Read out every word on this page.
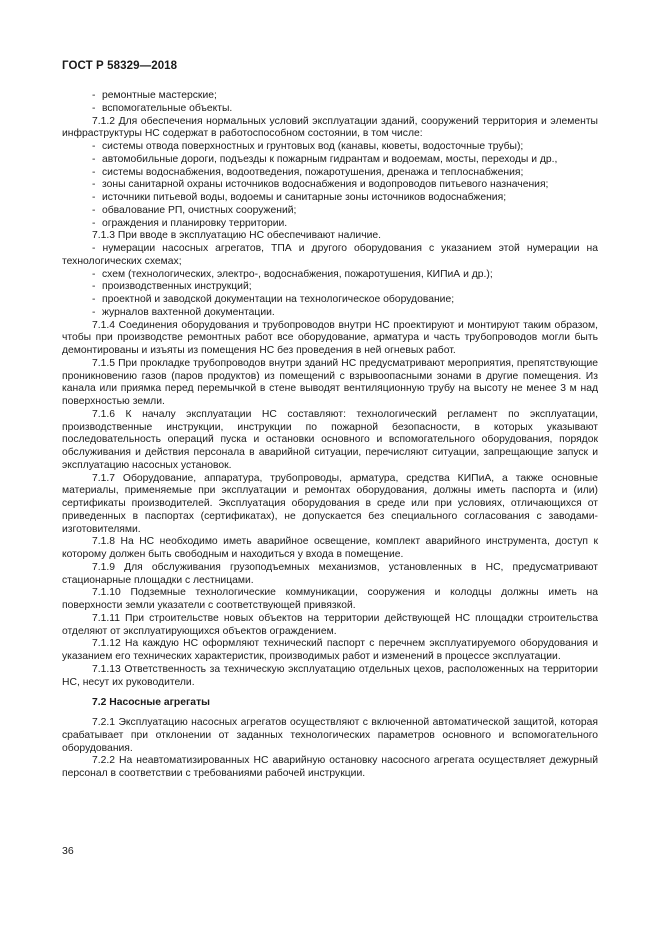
ГОСТ Р 58329—2018

- ремонтные мастерские;

- вспомогательные объекты.

7.1.2 Для обеспечения нормальных условий эксплуатации зданий, сооружений территория и элементы инфраструктуры НС содержат в работоспособном состоянии, в том числе:

- системы отвода поверхностных и грунтовых вод (канавы, кюветы, водосточные трубы);

- автомобильные дороги, подъезды к пожарным гидрантам и водоемам, мосты, переходы и др.,

- системы водоснабжения, водоотведения, пожаротушения, дренажа и теплоснабжения;

- зоны санитарной охраны источников водоснабжения и водопроводов питьевого назначения;

- источники питьевой воды, водоемы и санитарные зоны источников водоснабжения;

- обвалование РП, очистных сооружений;

- ограждения и планировку территории.

7.1.3 При вводе в эксплуатацию НС обеспечивают наличие.

- нумерации насосных агрегатов, ТПА и другого оборудования с указанием этой нумерации на технологических схемах;

- схем (технологических, электро-, водоснабжения, пожаротушения, КИПиА и др.);

- производственных инструкций;

- проектной и заводской документации на технологическое оборудование;

- журналов вахтенной документации.

7.1.4 Соединения оборудования и трубопроводов внутри НС проектируют и монтируют таким образом, чтобы при производстве ремонтных работ все оборудование, арматура и часть трубопроводов могли быть демонтированы и изъяты из помещения НС без проведения в ней огневых работ.

7.1.5 При прокладке трубопроводов внутри зданий НС предусматривают мероприятия, препятствующие проникновению газов (паров продуктов) из помещений с взрывоопасными зонами в другие помещения. Из канала или приямка перед перемычкой в стене выводят вентиляционную трубу на высоту не менее 3 м над поверхностью земли.

7.1.6 К началу эксплуатации НС составляют: технологический регламент по эксплуатации, производственные инструкции, инструкции по пожарной безопасности, в которых указывают последовательность операций пуска и остановки основного и вспомогательного оборудования, порядок обслуживания и действия персонала в аварийной ситуации, перечисляют ситуации, запрещающие запуск и эксплуатацию насосных установок.

7.1.7 Оборудование, аппаратура, трубопроводы, арматура, средства КИПиА, а также основные материалы, применяемые при эксплуатации и ремонтах оборудования, должны иметь паспорта и (или) сертификаты производителей. Эксплуатация оборудования в среде или при условиях, отличающихся от приведенных в паспортах (сертификатах), не допускается без специального согласования с заводами-изготовителями.

7.1.8 На НС необходимо иметь аварийное освещение, комплект аварийного инструмента, доступ к которому должен быть свободным и находиться у входа в помещение.

7.1.9 Для обслуживания грузоподъемных механизмов, установленных в НС, предусматривают стационарные площадки с лестницами.

7.1.10 Подземные технологические коммуникации, сооружения и колодцы должны иметь на поверхности земли указатели с соответствующей привязкой.

7.1.11 При строительстве новых объектов на территории действующей НС площадки строительства отделяют от эксплуатирующихся объектов ограждением.

7.1.12 На каждую НС оформляют технический паспорт с перечнем эксплуатируемого оборудования и указанием его технических характеристик, производимых работ и изменений в процессе эксплуатации.

7.1.13 Ответственность за техническую эксплуатацию отдельных цехов, расположенных на территории НС, несут их руководители.

7.2 Насосные агрегаты

7.2.1 Эксплуатацию насосных агрегатов осуществляют с включенной автоматической защитой, которая срабатывает при отклонении от заданных технологических параметров основного и вспомогательного оборудования.

7.2.2 На неавтоматизированных НС аварийную остановку насосного агрегата осуществляет дежурный персонал в соответствии с требованиями рабочей инструкции.

36
